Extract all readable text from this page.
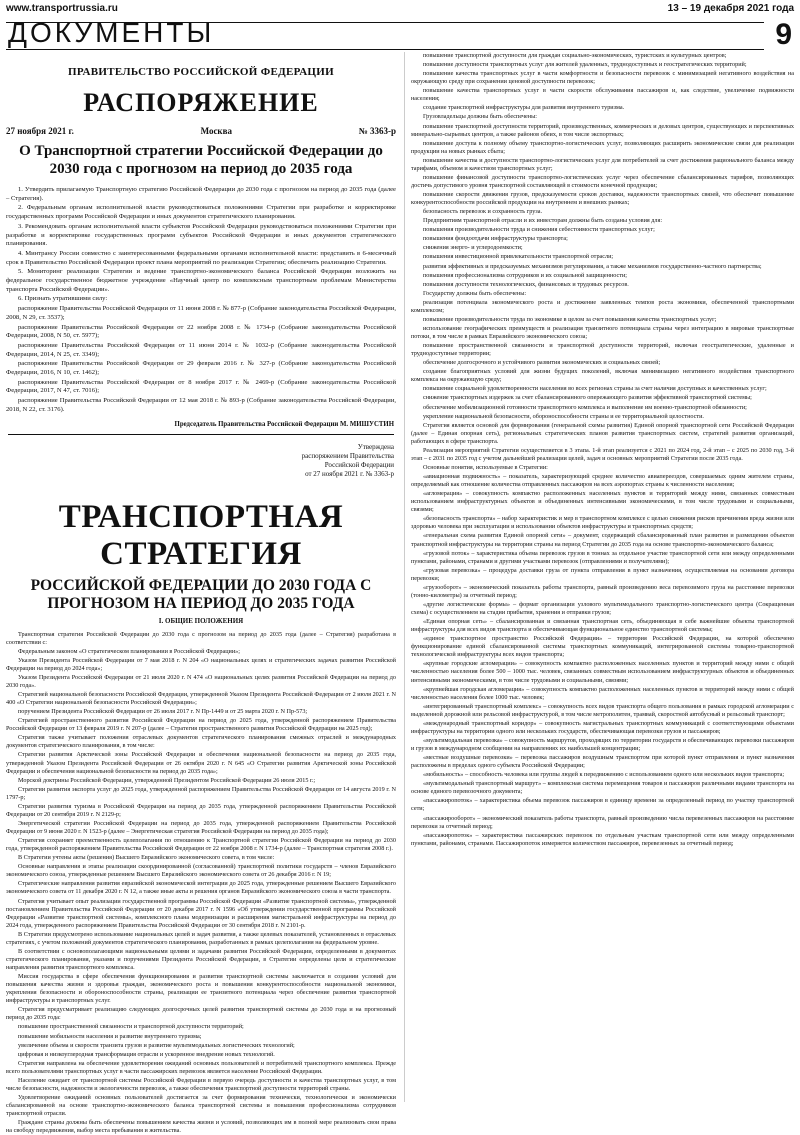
www.transportrussia.ru	13 – 19 декабря 2021 года
ДОКУМЕНТЫ	9
ПРАВИТЕЛЬСТВО РОССИЙСКОЙ ФЕДЕРАЦИИ
РАСПОРЯЖЕНИЕ
27 ноября 2021 г.	Москва	№ 3363-р
О Транспортной стратегии Российской Федерации до 2030 года с прогнозом на период до 2035 года

1. Утвердить прилагаемую Транспортную стратегию Российской Федерации до 2030 года с прогнозом на период до 2035 года (далее – Стратегия).

2. Федеральным органам исполнительной власти руководствоваться положениями Стратегии при разработке и корректировке государственных программ Российской Федерации и иных документов стратегического планирования.

3. Рекомендовать органам исполнительной власти субъектов Российской Федерации руководствоваться положениями Стратегии при разработке и корректировке государственных программ субъектов Российской Федерации и иных документов стратегического планирования.

4. Минтрансу России совместно с заинтересованными федеральными органами исполнительной власти: представить в 6-месячный срок в Правительство Российской Федерации проект плана мероприятий по реализации Стратегии; обеспечить реализацию Стратегии.

5. Мониторинг реализации Стратегии и ведение транспортно-экономического баланса Российской Федерации возложить на федеральное государственное бюджетное учреждение «Научный центр по комплексным транспортным проблемам Министерства транспорта Российской Федерации».

6. Признать утратившими силу:

распоряжение Правительства Российской Федерации от 11 июня 2008 г. № 877-р (Собрание законодательства Российской Федерации, 2008, N 29, ст. 3537);

распоряжение Правительства Российской Федерации от 22 ноября 2008 г. № 1734-р (Собрание законодательства Российской Федерации, 2008, N 50, ст. 5977);

распоряжение Правительства Российской Федерации от 11 июня 2014 г. № 1032-р (Собрание законодательства Российской Федерации, 2014, N 25, ст. 3349);

распоряжение Правительства Российской Федерации от 29 февраля 2016 г. № 327-р (Собрание законодательства Российской Федерации, 2016, N 10, ст. 1462);

распоряжение Правительства Российской Федерации от 8 ноября 2017 г. № 2469-р (Собрание законодательства Российской Федерации, 2017, N 47, ст. 7016);

распоряжение Правительства Российской Федерации от 12 мая 2018 г. № 893-р (Собрание законодательства Российской Федерации, 2018, N 22, ст. 3176).

Председатель Правительства Российской Федерации М. МИШУСТИН
Утверждена
распоряжением Правительства
Российской Федерации
от 27 ноября 2021 г. № 3363-р
ТРАНСПОРТНАЯ СТРАТЕГИЯ
РОССИЙСКОЙ ФЕДЕРАЦИИ ДО 2030 ГОДА С ПРОГНОЗОМ НА ПЕРИОД ДО 2035 ГОДА
I. ОБЩИЕ ПОЛОЖЕНИЯ

Транспортная стратегия Российской Федерации до 2030 года с прогнозом на период до 2035 года (далее – Стратегия) разработана в соответствии с:

Федеральным законом «О стратегическом планировании в Российской Федерации»;

Указом Президента Российской Федерации от 7 мая 2018 г. N 204 «О национальных целях и стратегических задачах развития Российской Федерации на период до 2024 года»;

Указом Президента Российской Федерации от 21 июля 2020 г. N 474 «О национальных целях развития Российской Федерации на период до 2030 года».

Стратегией национальной безопасности Российской Федерации, утвержденной Указом Президента Российской Федерации от 2 июля 2021 г. N 400 «О Стратегии национальной безопасности Российской Федерации»;

поручением Президента Российской Федерации от 26 июля 2017 г. N Пр-1449 и от 25 марта 2020 г. N Пр-573;

Стратегией пространственного развития Российской Федерации на период до 2025 года, утвержденной распоряжением Правительства Российской Федерации от 13 февраля 2019 г. N 207-р (далее – Стратегия пространственного развития Российской Федерации на 2025 год);

Стратегия также учитывает положения отраслевых документов стратегического планирования смежных отраслей и международных документов стратегического планирования, в том числе:

Стратегии развития Арктической зоны Российской Федерации и обеспечения национальной безопасности на период до 2035 года, утвержденной Указом Президента Российской Федерации от 26 октября 2020 г. N 645 «О Стратегии развития Арктической зоны Российской Федерации и обеспечения национальной безопасности на период до 2035 года»;

Морской доктрины Российской Федерации, утвержденной Президентом Российской Федерации 26 июля 2015 г.;

Стратегии развития экспорта услуг до 2025 года, утвержденной распоряжением Правительства Российской Федерации от 14 августа 2019 г. N 1797-р;

Стратегии развития туризма в Российской Федерации на период до 2035 года, утвержденной распоряжением Правительства Российской Федерации от 20 сентября 2019 г. N 2129-р;

Энергетической стратегии Российской Федерации на период до 2035 года, утвержденной распоряжением Правительства Российской Федерации от 9 июня 2020 г. N 1523-р (далее – Энергетическая стратегия Российской Федерации на период до 2035 года);

Стратегия сохраняет преемственность целеполагания по отношению к Транспортной стратегии Российской Федерации на период до 2030 года, утвержденной распоряжением Правительства Российской Федерации от 22 ноября 2008 г. N 1734-р (далее – Транспортная стратегия 2008 г.).

В Стратегии учтены акты (решения) Высшего Евразийского экономического совета, в том числе:

Основные направления и этапы реализации скоординированной (согласованной) транспортной политики государств – членов Евразийского экономического союза, утвержденные решением Высшего Евразийского экономического совета от 26 декабря 2016 г. N 19;

Стратегические направления развития евразийской экономической интеграции до 2025 года, утвержденные решением Высшего Евразийского экономического совета от 11 декабря 2020 г. N 12, а также иные акты и решения органов Евразийского экономического союза в части транспорта.

Стратегия учитывает опыт реализации государственной программы Российской Федерации «Развитие транспортной системы», утвержденной постановлением Правительства Российской Федерации от 20 декабря 2017 г. N 1596 «Об утверждении государственной программы Российской Федерации «Развитие транспортной системы», комплексного плана модернизации и расширения магистральной инфраструктуры на период до 2024 года, утвержденного распоряжением Правительства Российской Федерации от 30 сентября 2018 г. N 2101-р.

В Стратегии предусмотрено использование национальных целей и задач развития, а также целевых показателей, установленных в отраслевых стратегиях, с учетом положений документов стратегического планирования, разработанных в рамках целеполагания на федеральном уровне.

В соответствии с основополагающими национальными целями и задачами развития Российской Федерации, определенными в документах стратегического планирования, указами и поручениями Президента Российской Федерации, в Стратегии определены цели и стратегические направления развития транспортного комплекса.

Миссия государства в сфере обеспечения функционирования и развития транспортной системы заключается в создании условий для повышения качества жизни и здоровья граждан, экономического роста и повышения конкурентоспособности национальной экономики, укрепления безопасности и обороноспособности страны, реализации ее транзитного потенциала через обеспечение развития транспортной инфраструктуры и транспортных услуг.

Стратегия предусматривает реализацию следующих долгосрочных целей развития транспортной системы до 2030 года и на прогнозный период до 2035 года:

повышение пространственной связанности и транспортной доступности территорий;

повышение мобильности населения и развитие внутреннего туризма;

увеличение объема и скорости транзита грузов и развитие мультимодальных логистических технологий;

цифровая и низкоуглеродная трансформация отрасли и ускоренное внедрение новых технологий.

Стратегия направлена на обеспечение удовлетворения ожиданий основных пользователей и потребителей транспортного комплекса. Прежде всего пользователями транспортных услуг в части пассажирских перевозок является население Российской Федерации.

Население ожидает от транспортной системы Российской Федерации в первую очередь доступности и качества транспортных услуг, в том числе безопасности, надежности и экологичности перевозок, а также обеспечения транспортной доступности территорий страны.

Удовлетворение ожиданий основных пользователей достигается за счет формирования технически, технологически и экономически сбалансированной на основе транспортно-экономического баланса транспортной системы и повышения профессионализма сотрудников транспортной отрасли.

Граждане страны должны быть обеспечены повышением качества жизни и условий, позволяющих им в полной мере реализовать свои права на свободу передвижения, выбор места пребывания и жительства.

повышение транспортной доступности для граждан социально-экономических, туристских и культурных центров;

повышение доступности транспортных услуг для жителей удаленных, труднодоступных и геостратегических территорий;

повышение качества транспортных услуг в части комфортности и безопасности перевозок с минимизацией негативного воздействия на окружающую среду при сохранении ценовой доступности перевозок;

повышение качества транспортных услуг в части скорости обслуживания пассажиров и, как следствие, увеличение подвижности населения;

создание транспортной инфраструктуры для развития внутреннего туризма.

Грузовладельцы должны быть обеспечены:

повышение транспортной доступности территорий, производственных, коммерческих и деловых центров, существующих и перспективных минерально-сырьевых центров, а также районов обеих, в том числе экспортных;

повышение доступа к полному объему транспортно-логистических услуг, позволяющих расширить экономические связи для реализации продукции на новых рынках сбыта;

повышение качества и доступности транспортно-логистических услуг для потребителей за счет достижения рационального баланса между тарифами, объемом и качеством транспортных услуг;

повышение финансовой доступности транспортно-логистических услуг через обеспечение сбалансированных тарифов, позволяющих достичь допустимого уровня транспортной составляющей в стоимости конечной продукции;

повышение скорости движения грузов, предсказуемости сроков доставки, надежности транспортных связей, что обеспечит повышение конкурентоспособности российской продукции на внутреннем и внешних рынках;

безопасность перевозок и сохранность груза.

Предприятиям транспортной отрасли и их инвесторам должны быть созданы условия для:

повышения производительности труда и снижения себестоимости транспортных услуг;

повышения фондоотдачи инфраструктуры транспорта;

снижения энерго- и углеродоемкости;

повышения инвестиционной привлекательности транспортной отрасли;

развития эффективных и предсказуемых механизмов регулирования, а также механизмов государственно-частного партнерства;

повышения профессионализма сотрудников и их социальной защищенности;

повышения доступности технологических, финансовых и трудовых ресурсов.

Государству должны быть обеспечены:

реализация потенциала экономического роста и достижение заявленных темпов роста экономики, обеспеченной транспортными комплексом;

повышение производительности труда по экономике в целом за счет повышения качества транспортных услуг;

использование географических преимуществ и реализация транзитного потенциала страны через интеграцию в мировые транспортные потоки, в том числе в рамках Евразийского экономического союза;

повышение пространственной связанности и транспортной доступности территорий, включая геостратегические, удаленные и труднодоступные территории;

обеспечение долгосрочного и устойчивого развития экономических и социальных связей;

создание благоприятных условий для жизни будущих поколений, включая минимизацию негативного воздействия транспортного комплекса на окружающую среду;

повышение социальной удовлетворенности населения во всех регионах страны за счет наличия доступных и качественных услуг;

снижение транспортных издержек за счет сбалансированного опережающего развития эффективной транспортной системы;

обеспечение мобилизационной готовности транспортного комплекса и выполнение им военно-транспортной обязанности;

укрепление национальной безопасности, обороноспособности страны и ее территориальной целостности.

Стратегия является основой для формирования (генеральной схемы развития) Единой опорной транспортной сети Российской Федерации (далее – Единая опорная сеть), региональных стратегических планов развития транспортных систем, стратегий развития организаций, работающих в сфере транспорта.

Реализация мероприятий Стратегии осуществляется в 3 этапа. 1-й этап реализуется с 2021 по 2024 год, 2-й этап – с 2025 по 2030 год, 3-й этап – с 2031 по 2035 год с учетом дальнейшей реализации целей, задач и основных мероприятий Стратегии после 2035 года.

Основные понятия, используемые в Стратегии:

«авиационная подвижность» – показатель, характеризующий среднее количество авиапереездов, совершаемых одним жителем страны, определяемый как отношение количества отправленных пассажиров на всех аэропортах страны к численности населения;

«агломерация» – совокупность компактно расположенных населенных пунктов и территорий между ними, связанных совместным использованием инфраструктурных объектов и объединенных интенсивными экономическими, в том числе трудовыми и социальными, связями;

«безопасность транспорта» – набор характеристик и мер в транспортном комплексе с целью снижения рисков причинения вреда жизни или здоровью человека при эксплуатации и использовании объектов инфраструктуры и транспортных средств;

«генеральная схема развития Единой опорной сети» – документ, содержащий сбалансированный план развития и размещения объектов транспортной инфраструктуры на территории страны на период Стратегии до 2035 года на основе транспортно-экономического баланса;

«грузовой поток» – характеристика объема перевозок грузов в тоннах за отдельное участие транспортной сети или между определенными пунктами, районами, странами и другими участками перевозок (отправлениями и получателями);

«грузовая перевозка» – процедура доставки груза от пункта отправления в пункт назначения, осуществляемая на основании договора перевозки;

«грузооборот» – экономический показатель работы транспорта, равный произведению веса перевозимого груза на расстояние перевозки (тонно-километры) за отчетный период;

«другие логистические формы» – формат организации узлового мультимодального транспортно-логистического центра (Сокращенная схема) с осуществлением на стадии прибытия, хранения и отправки грузов;

«Единая опорная сеть» – сбалансированная и связанная транспортная сеть, объединяющая в себе важнейшие объекты транспортной инфраструктуры для всех видов транспорта и обеспечивающая функциональное единство транспортной системы;

«единое транспортное пространство Российской Федерации» – территория Российской Федерации, на которой обеспечено функционирование единой сбалансированной системы транспортных коммуникаций, интегрированной системы товарно-транспортной технологической инфраструктуры всех видов транспорта;

«крупные городские агломерации» – совокупность компактно расположенных населенных пунктов и территорий между ними с общей численностью населения более 500 – 1000 тыс. человек, связанных совместным использованием инфраструктурных объектов и объединенных интенсивными экономическими, в том числе трудовыми и социальными, связями;

«крупнейшая городская агломерация» – совокупность компактно расположенных населенных пунктов и территорий между ними с общей численностью населения более 1000 тыс. человек;

«интегрированный транспортный комплекс» – совокупность всех видов транспорта общего пользования в рамках городской агломерации с выделенной дорожной или рельсовой инфраструктурой, в том числе метрополитен, трамвай, скоростной автобусный и рельсовый транспорт;

«международный транспортный коридор» – совокупность магистральных транспортных коммуникаций с соответствующими объектами инфраструктуры на территории одного или нескольких государств, обеспечивающая перевозки грузов и пассажиров;

«мультимодальная перевозка» – совокупность маршрутов, проходящих по территории государств и обеспечивающих перевозки пассажиров и грузов в международном сообщении на направлениях их наибольшей концентрации;

«местные воздушные перевозки» – перевозка пассажиров воздушным транспортом при которой пункт отправления и пункт назначения расположены в пределах одного субъекта Российской Федерации;

«мобильность» – способность человека или группы людей к передвижению с использованием одного или нескольких видов транспорта;

«мультимодальный транспортный маршрут» – комплексная система перемещения товаров и пассажиров различными видами транспорта на основе единого перевозочного документа;

«пассажиропоток» – характеристика объема перевозок пассажиров в единицу времени за определенный период по участку транспортной сети;

«пассажирооборот» – экономический показатель работы транспорта, равный произведению числа перевезенных пассажиров на расстояние перевозки за отчетный период;

«пассажиропоток» – характеристика пассажирских перевозок по отдельным участкам транспортной сети или между определенными пунктами, районами, странами. Пассажиропоток измеряется количеством пассажиров, перевезенных за отчетный период;
